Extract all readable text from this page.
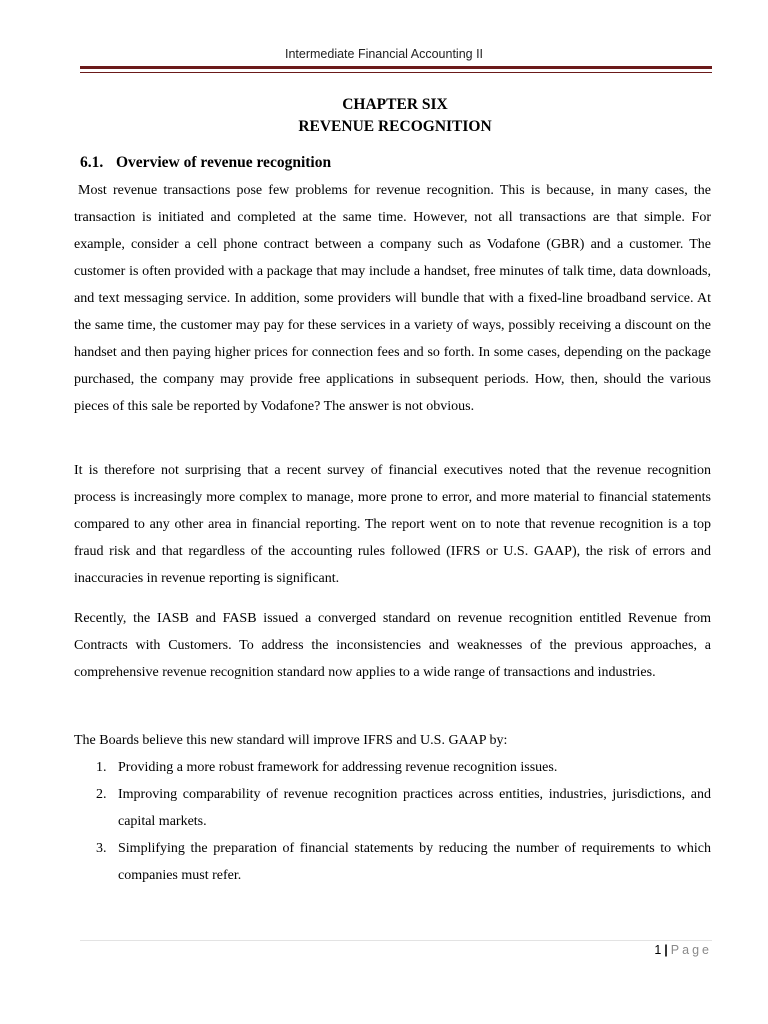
Intermediate Financial Accounting II
CHAPTER SIX
REVENUE RECOGNITION
6.1. Overview of revenue recognition

Most revenue transactions pose few problems for revenue recognition. This is because, in many cases, the transaction is initiated and completed at the same time. However, not all transactions are that simple. For example, consider a cell phone contract between a company such as Vodafone (GBR) and a customer. The customer is often provided with a package that may include a handset, free minutes of talk time, data downloads, and text messaging service. In addition, some providers will bundle that with a fixed-line broadband service. At the same time, the customer may pay for these services in a variety of ways, possibly receiving a discount on the handset and then paying higher prices for connection fees and so forth. In some cases, depending on the package purchased, the company may provide free applications in subsequent periods. How, then, should the various pieces of this sale be reported by Vodafone? The answer is not obvious.

It is therefore not surprising that a recent survey of financial executives noted that the revenue recognition process is increasingly more complex to manage, more prone to error, and more material to financial statements compared to any other area in financial reporting. The report went on to note that revenue recognition is a top fraud risk and that regardless of the accounting rules followed (IFRS or U.S. GAAP), the risk of errors and inaccuracies in revenue reporting is significant.

Recently, the IASB and FASB issued a converged standard on revenue recognition entitled Revenue from Contracts with Customers. To address the inconsistencies and weaknesses of the previous approaches, a comprehensive revenue recognition standard now applies to a wide range of transactions and industries.

The Boards believe this new standard will improve IFRS and U.S. GAAP by:

1. Providing a more robust framework for addressing revenue recognition issues.
2. Improving comparability of revenue recognition practices across entities, industries, jurisdictions, and capital markets.
3. Simplifying the preparation of financial statements by reducing the number of requirements to which companies must refer.
1 | Page
